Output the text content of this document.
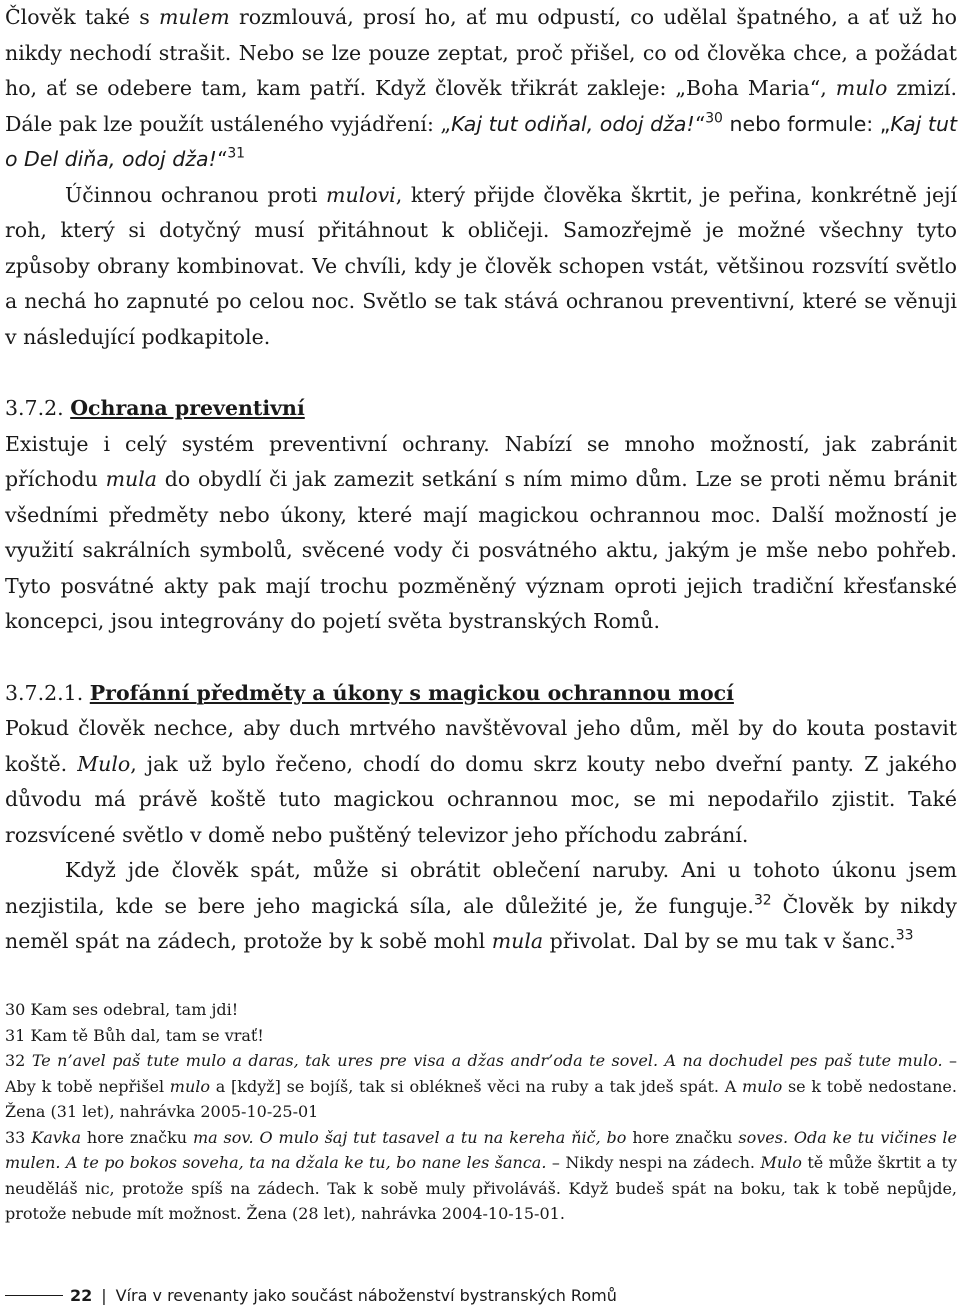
Člověk také s mulem rozmlouvá, prosí ho, ať mu odpustí, co udělal špatného, a ať už ho nikdy nechodí strašit. Nebo se lze pouze zeptat, proč přišel, co od člověka chce, a požádat ho, ať se odebere tam, kam patří. Když člověk třikrát zakleje: „Boha Maria“, mulo zmizí. Dále pak lze použít ustáleného vyjádření: „Kaj tut odiňal, odoj dža!“$^{30}$ nebo formule: „Kaj tut o Del diňa, odoj dža!“$^{31}$

Účinnou ochranou proti mulovi, který přijde člověka škrtit, je peřina, konkrétně její roh, který si dotyčný musí přitáhnout k obličeji. Samozřejmě je možné všechny tyto způsoby obrany kombinovat. Ve chvíli, kdy je člověk schopen vstát, většinou rozsvítí světlo a nechá ho zapnuté po celou noc. Světlo se tak stává ochranou preventivní, které se věnuji v následující podkapitole.

3.7.2. Ochrana preventivní

Existuje i celý systém preventivní ochrany. Nabízí se mnoho možností, jak zabránit příchodu mula do obydlí či jak zamezit setkání s ním mimo dům. Lze se proti němu bránit všedními předměty nebo úkony, které mají magickou ochrannou moc. Další možností je využití sakrálních symbolů, svěcené vody či posvátného aktu, jakým je mše nebo pohřeb. Tyto posvátné akty pak mají trochu pozměněný význam oproti jejich tradiční křesťanské koncepci, jsou integrovány do pojetí světa bystranských Romů.

3.7.2.1. Profánní předměty a úkony s magickou ochrannou mocí

Pokud člověk nechce, aby duch mrtvého navštěvoval jeho dům, měl by do kouta postavit koště. Mulo, jak už bylo řečeno, chodí do domu skrz kouty nebo dveřní panty. Z jakého důvodu má právě koště tuto magickou ochrannou moc, se mi nepodařilo zjistit. Také rozsvícené světlo v domě nebo puštěný televizor jeho příchodu zabrání.

Když jde člověk spát, může si obrátit oblečení naruby. Ani u tohoto úkonu jsem nezjistila, kde se bere jeho magická síla, ale důležité je, že funguje.$^{32}$ Člověk by nikdy neměl spát na zádech, protože by k sobě mohl mula přivolat. Dal by se mu tak v šanc.$^{33}$

30 Kam ses odebral, tam jdi!

31 Kam tě Bůh dal, tam se vrať!

32 Te n’avel paš tute mulo a daras, tak ures pre visa a džas andr’oda te sovel. A na dochudel pes paš tute mulo. – Aby k tobě nepřišel mulo a [když] se bojíš, tak si oblékneš věci na ruby a tak jdeš spát. A mulo se k tobě nedostane. Žena (31 let), nahrávka 2005-10-25-01

33 Kavka hore značku ma sov. O mulo šaj tut tasavel a tu na kereha ňič, bo hore značku soves. Oda ke tu vičines le mulen. A te po bokos soveha, ta na džala ke tu, bo nane les šanca. – Nikdy nespi na zádech. Mulo tě může škrtit a ty neuděláš nic, protože spíš na zádech. Tak k sobě muly přivoláváš. Když budeš spát na boku, tak k tobě nepůjde, protože nebude mít možnost. Žena (28 let), nahrávka 2004-10-15-01.

22 | Víra v revenanty jako součást náboženství bystranských Romů
